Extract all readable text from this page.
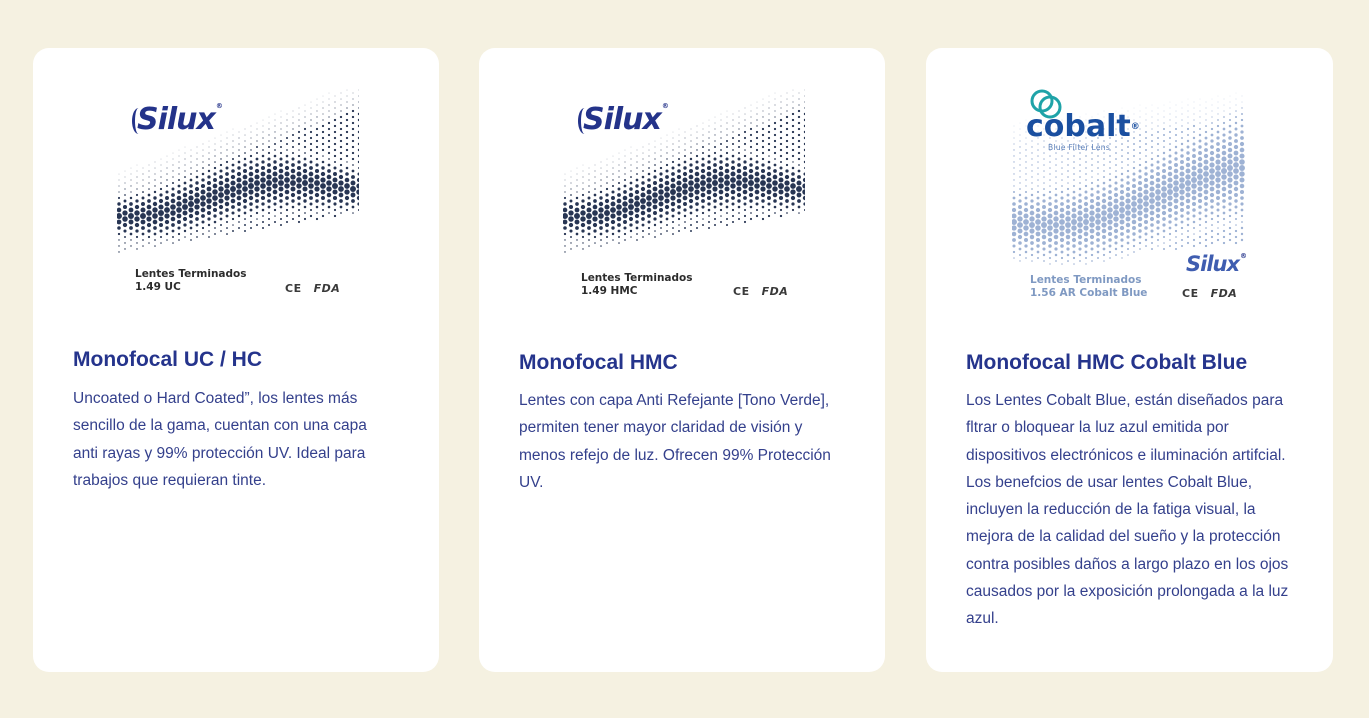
Silux®
Lentes Terminados
1.49 UC	CE FDA
Monofocal UC / HC

Uncoated o Hard Coated”, los lentes más sencillo de la gama, cuentan con una capa anti rayas y 99% protección UV. Ideal para trabajos que requieran tinte.

Silux®
Lentes Terminados
1.49 HMC	CE FDA
Monofocal HMC

Lentes con capa Anti Refejante [Tono Verde], permiten tener mayor claridad de visión y menos refejo de luz. Ofrecen 99% Protección UV.

cobalt®
Blue Filter Lens
Silux®
Lentes Terminados
1.56 AR Cobalt Blue	CE FDA
Monofocal HMC Cobalt Blue

Los Lentes Cobalt Blue, están diseñados para fltrar o bloquear la luz azul emitida por dispositivos electrónicos e iluminación artifcial. Los benefcios de usar lentes Cobalt Blue, incluyen la reducción de la fatiga visual, la mejora de la calidad del sueño y la protección contra posibles daños a largo plazo en los ojos causados por la exposición prolongada a la luz azul.
